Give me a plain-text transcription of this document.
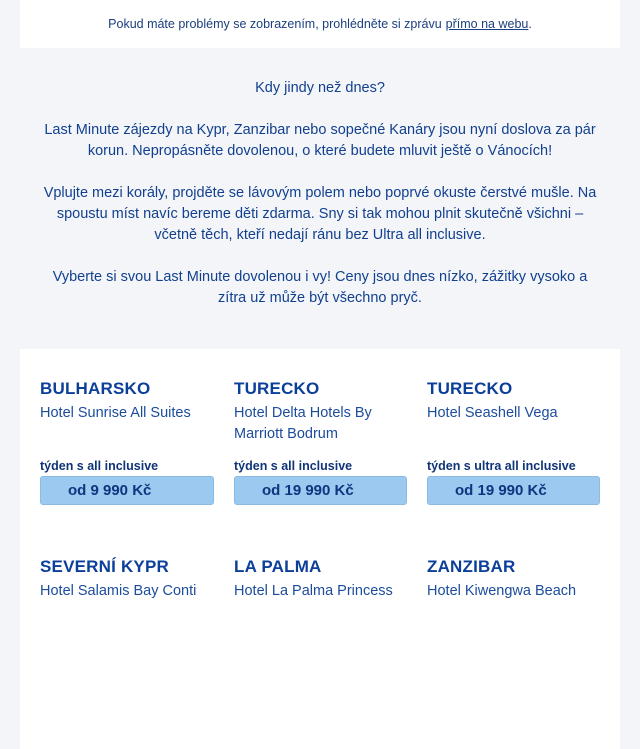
Pokud máte problémy se zobrazením, prohlédněte si zprávu přímo na webu .

Kdy jindy než dnes?

Last Minute zájezdy na Kypr, Zanzibar nebo sopečné Kanáry jsou nyní doslova za pár korun. Nepropásněte dovolenou, o které budete mluvit ještě o Vánocích!

Vplujte mezi korály, projděte se lávovým polem nebo poprvé okuste čerstvé mušle. Na spoustu míst navíc bereme děti zdarma. Sny si tak mohou plnit skutečně všichni – včetně těch, kteří nedají ránu bez Ultra all inclusive.

Vyberte si svou Last Minute dovolenou i vy! Ceny jsou dnes nízko, zážitky vysoko a zítra už může být všechno pryč.

BULHARSKO
Hotel Sunrise All Suites
týden s all inclusive
od 9 990 Kč
TURECKO
Hotel Delta Hotels By Marriott Bodrum
týden s all inclusive
od 19 990 Kč
TURECKO
Hotel Seashell Vega
týden s ultra all inclusive
od 19 990 Kč
SEVERNÍ KYPR
Hotel Salamis Bay Conti
LA PALMA
Hotel La Palma Princess
ZANZIBAR
Hotel Kiwengwa Beach
